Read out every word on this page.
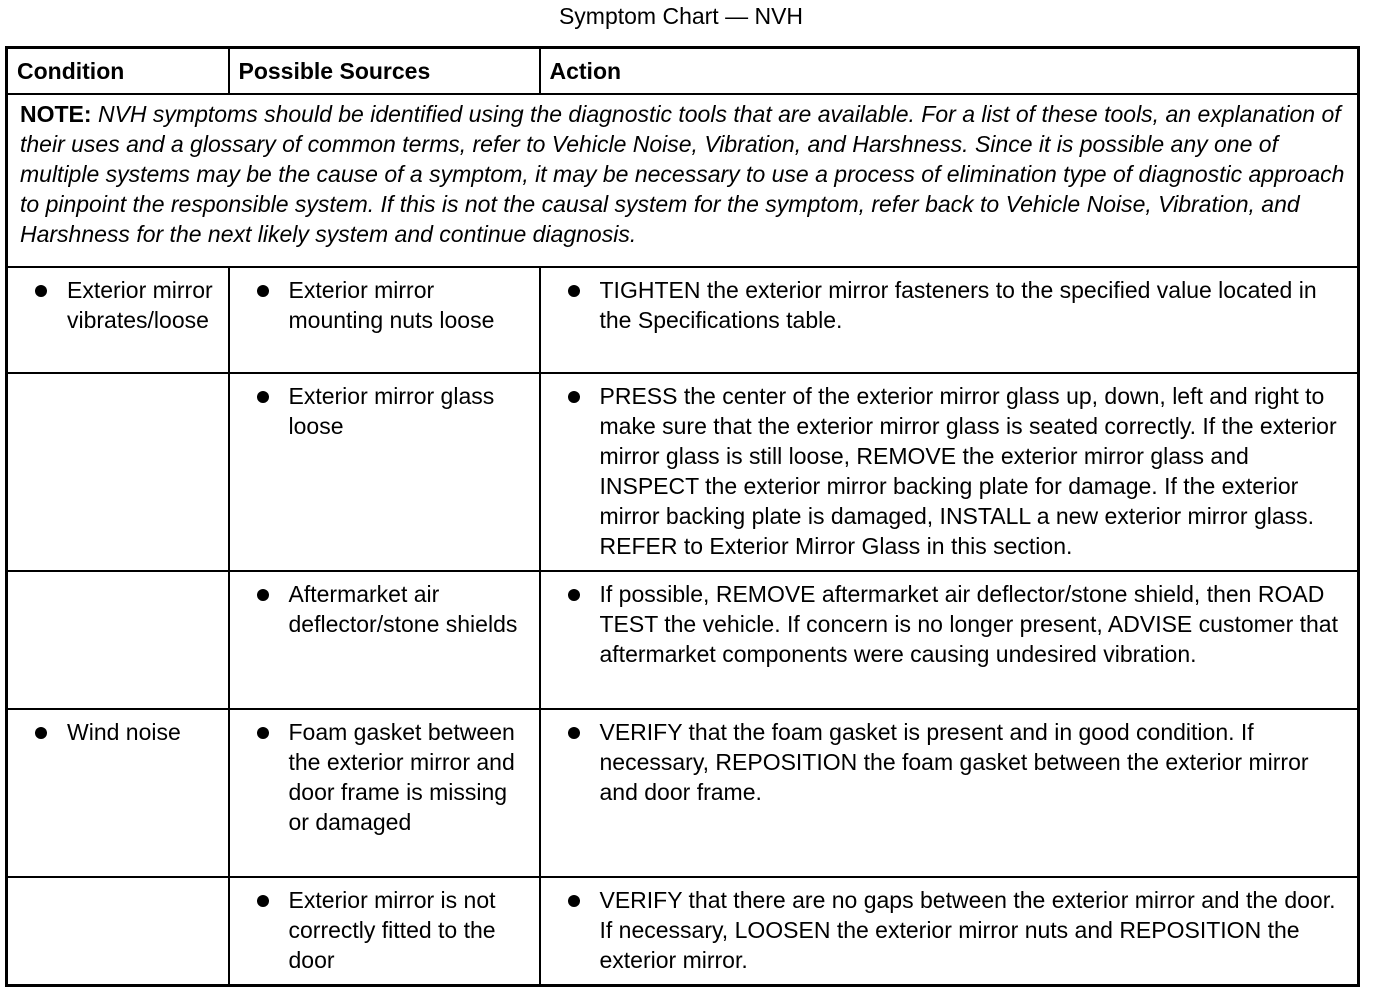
Symptom Chart — NVH
Condition	Possible Sources	Action
NOTE: NVH symptoms should be identified using the diagnostic tools that are available. For a list of these tools, an explanation of their uses and a glossary of common terms, refer to Vehicle Noise, Vibration, and Harshness. Since it is possible any one of multiple systems may be the cause of a symptom, it may be necessary to use a process of elimination type of diagnostic approach to pinpoint the responsible system. If this is not the causal system for the symptom, refer back to Vehicle Noise, Vibration, and Harshness for the next likely system and continue diagnosis.		

Exterior mirror vibrates/loose	Exterior mirror mounting nuts loose	TIGHTEN the exterior mirror fasteners to the specified value located in the Specifications table.

	Exterior mirror glass loose	PRESS the center of the exterior mirror glass up, down, left and right to make sure that the exterior mirror glass is seated correctly. If the exterior mirror glass is still loose, REMOVE the exterior mirror glass and INSPECT the exterior mirror backing plate for damage. If the exterior mirror backing plate is damaged, INSTALL a new exterior mirror glass. REFER to Exterior Mirror Glass in this section.

	Aftermarket air deflector/stone shields	If possible, REMOVE aftermarket air deflector/stone shield, then ROAD TEST the vehicle. If concern is no longer present, ADVISE customer that aftermarket components were causing undesired vibration.

Wind noise	Foam gasket between the exterior mirror and door frame is missing or damaged	VERIFY that the foam gasket is present and in good condition. If necessary, REPOSITION the foam gasket between the exterior mirror and door frame.

	Exterior mirror is not correctly fitted to the door	VERIFY that there are no gaps between the exterior mirror and the door. If necessary, LOOSEN the exterior mirror nuts and REPOSITION the exterior mirror.
